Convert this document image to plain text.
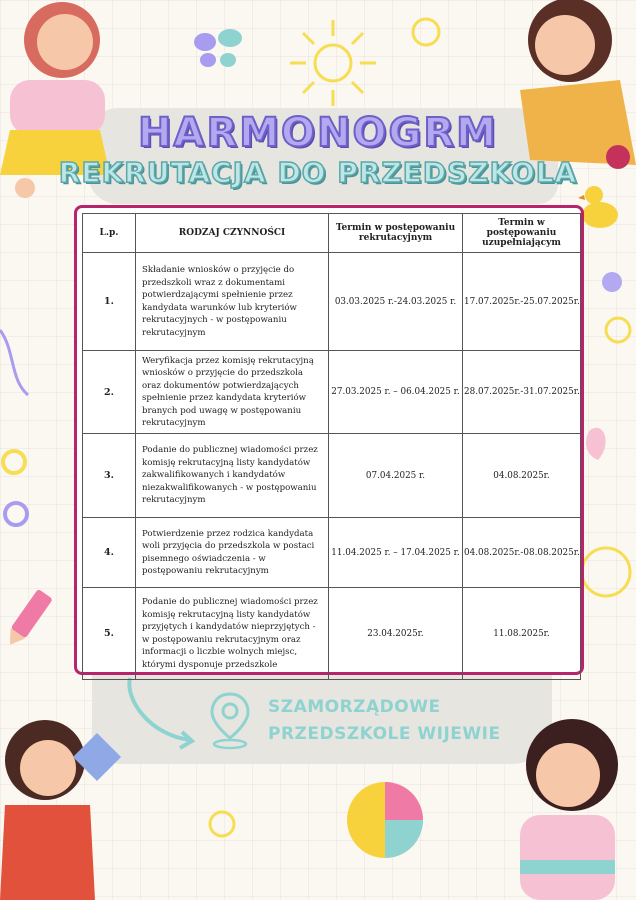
HARMONOGRM
REKRUTACJA DO PRZEDSZKOLA
L.p.	RODZAJ CZYNNOŚCI	Termin w postępowaniu rekrutacyjnym	Termin w postępowaniu uzupełniającym
1.	Składanie wniosków o przyjęcie do przedszkoli wraz z dokumentami potwierdzającymi spełnienie przez kandydata warunków lub kryteriów rekrutacyjnych - w postępowaniu rekrutacyjnym	03.03.2025 r.-24.03.2025 r.	17.07.2025r.-25.07.2025r.
2.	Weryfikacja przez komisję rekrutacyjną wniosków o przyjęcie do przedszkola oraz dokumentów potwierdzających spełnienie przez kandydata kryteriów branych pod uwagę w postępowaniu rekrutacyjnym	27.03.2025 r. – 06.04.2025 r.	28.07.2025r.-31.07.2025r.
3.	Podanie do publicznej wiadomości przez komisję rekrutacyjną listy kandydatów zakwalifikowanych i kandydatów niezakwalifikowanych - w postępowaniu rekrutacyjnym	07.04.2025 r.	04.08.2025r.
4.	Potwierdzenie przez rodzica kandydata woli przyjęcia do przedszkola w postaci pisemnego oświadczenia - w postępowaniu rekrutacyjnym	11.04.2025 r. – 17.04.2025 r.	04.08.2025r.-08.08.2025r.
5.	Podanie do publicznej wiadomości przez komisję rekrutacyjną listy kandydatów przyjętych i kandydatów nieprzyjętych - w postępowaniu rekrutacyjnym oraz informacji o liczbie wolnych miejsc, którymi dysponuje przedszkole	23.04.2025r.	11.08.2025r.
SZAMORZĄDOWE
PRZEDSZKOLE WIJEWIE
